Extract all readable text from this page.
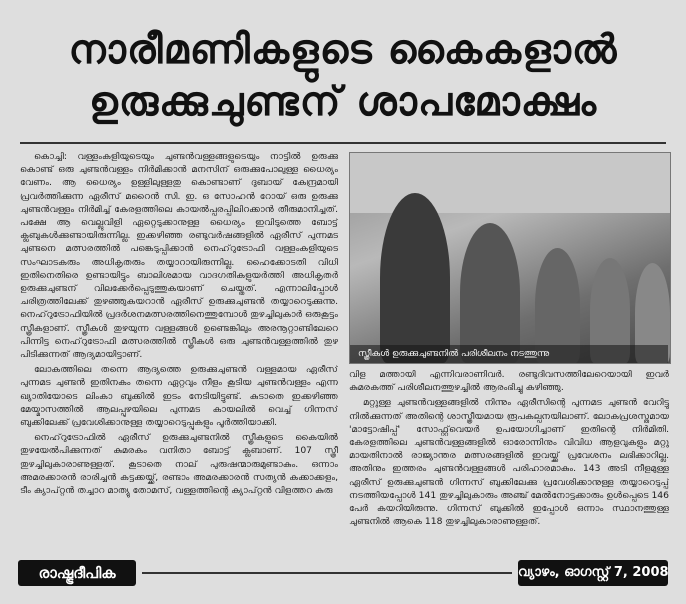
നാരീമണികളുടെ കൈകളാൽ
ഉരുക്കുചുണ്ടന് ശാപമോക്ഷം

കൊച്ചി: വള്ളംകളിയുടെയും ചുണ്ടൻവള്ളങ്ങളുടെയും നാട്ടിൽ ഉരുക്കു കൊണ്ട് ഒരു ചുണ്ടൻവള്ളം നിർമിക്കാൻ മനസിന് ഒരുക്കുപോലുള്ള ധൈര്യം വേണം. ആ ധൈര്യം ഉള്ളിലുള്ളതു കൊണ്ടാണ് ദുബായ് കേന്ദ്രമായി പ്രവർത്തിക്കുന്ന ഏരീസ് മറൈൻ സി. ഇ. ഒ സോഹൻ റോയ് ഒരു ഉരുക്കു ചുണ്ടൻവള്ളം നിർമിച്ച് കേരളത്തിലെ കായൽപ്പരപ്പിലിറക്കാൻ തീരുമാനിച്ചത്. പക്ഷേ ആ വെല്ലുവിളി ഏറ്റെടുക്കാനുള്ള ധൈര്യം ഇവിടുത്തെ ബോട്ട് ക്ലബുകൾക്കുണ്ടായിരുന്നില്ല. ഇക്കഴിഞ്ഞ രണ്ടുവർഷങ്ങളിൽ ഏരീസ് പുന്നമട ചുണ്ടനെ മത്സരത്തിൽ പങ്കെടുപ്പിക്കാൻ നെഹ്‌റുട്രോഫി വള്ളംകളിയുടെ സംഘാടകരും അധികൃതരും തയ്യാറായിരുന്നില്ല. ഹൈക്കോടതി വിധി ഇതിനെതിരെ ഉണ്ടായിട്ടും ബാലിശമായ വാദഗതികളുയർത്തി അധികൃതർ ഉരുക്കുചുണ്ടന് വിലക്കേർപ്പെടുത്തുകയാണ് ചെയ്തത്. എന്നാലിപ്പോൾ ചരിത്രത്തിലേക്ക് തുഴഞ്ഞുകയറാൻ ഏരീസ് ഉരുക്കുചുണ്ടൻ തയ്യാറെടുക്കുന്നു. നെഹ്‌റുട്രോഫിയിൽ പ്രദർശനമത്സരത്തിനെത്തുമ്പോൾ തുഴച്ചിലുകാർ ഒരുകൂട്ടം സ്ത്രീകളാണ്. സ്ത്രീകൾ തുഴയുന്ന വള്ളങ്ങൾ ഉണ്ടെങ്കിലും അരനൂറ്റാണ്ടിലേറെ പിന്നിട്ട നെഹ്‌റുട്രോഫി മത്സരത്തിൽ സ്ത്രീകൾ ഒരു ചുണ്ടൻവള്ളത്തിൽ തുഴ പിടിക്കുന്നത് ആദ്യമായിട്ടാണ്.

ലോകത്തിലെ തന്നെ ആദ്യത്തെ ഉരുക്കുചുണ്ടൻ വള്ളമായ ഏരീസ് പുന്നമട ചുണ്ടൻ ഇതിനകം തന്നെ ഏറ്റവും നീളം കൂടിയ ചുണ്ടൻവള്ളം എന്ന ഖ്യാതിയോടെ ലിംകാ ബുക്കിൽ ഇടം നേടിയിട്ടുണ്ട്. കുടാതെ ഇക്കഴിഞ്ഞ മേയ്മാസത്തിൽ ആലപ്പുഴയിലെ പുന്നമട കായലിൽ വെച്ച് ഗിന്നസ് ബുക്കിലേക്ക് പ്രവേശിക്കാനുള്ള തയ്യാറെടുപ്പുകളും പൂർത്തിയാക്കി.

നെഹ്‌റുട്രോഫിൽ ഏരീസ് ഉരുക്കുചുണ്ടനിൽ സ്ത്രീകളുടെ കൈയിൽ തുഴയേൽപിക്കുന്നത് കുമരകം വനിതാ ബോട്ട് ക്ലബാണ്. 107 സ്ത്രീ തുഴച്ചിലുകാരാണുള്ളത്. കൂടാതെ നാല് പുരുഷന്മാരുമുണ്ടാകും. ഒന്നാം അമരക്കാരൻ രാരിച്ചൻ കട്ടക്കയ്ക്ക്, രണ്ടാം അമരക്കാരൻ സത്യൻ കക്കാക്കളം, ടീം ക്യാപ്റ്റൻ തച്ചാറ മാത്യു തോമസ്, വള്ളത്തിന്റെ ക്യാപ്റ്റൻ വിളത്തറ കുരു

സ്ത്രീകൾ ഉരുക്കുചുണ്ടനിൽ പരിശീലനം നടത്തുന്നു

വിള മത്തായി എന്നിവരാണിവർ. രണ്ടുദിവസത്തിലേറെയായി ഇവർ കുമരകത്ത് പരിശീലനത്തുഴച്ചിൽ ആരംഭിച്ചു കഴിഞ്ഞു.

മറ്റുള്ള ചുണ്ടൻവള്ളങ്ങളിൽ നിന്നും ഏരീസിന്റെ പുന്നമട ചുണ്ടൻ വേറിട്ടു നിൽക്കുന്നത് അതിന്റെ ശാസ്ത്രീയമായ രൂപകല്പനയിലാണ്. ലോകപ്രശസ്തമായ 'മാട്ടോഷിപ്പ്' സോഫ്റ്റ്‌വെയർ ഉപയോഗിച്ചാണ് ഇതിന്റെ നിർമിതി. കേരളത്തിലെ ചുണ്ടൻവള്ളങ്ങളിൽ ഓരോന്നിനും വിവിധ ആളവുകളും മറ്റു മായതിനാൽ രാജ്യാന്തര മത്സരങ്ങളിൽ ഇവയ്ക്ക് പ്രവേശനം ലഭിക്കാറില്ല. അതിനും ഇത്തരം ചുണ്ടൻവള്ളങ്ങൾ പരിഹാരമാകും. 143 അടി നീളമുള്ള ഏരീസ് ഉരുക്കുചുണ്ടൻ ഗിന്നസ് ബുക്കിലേക്കു പ്രവേശിക്കാനുള്ള തയ്യാറെടുപ്പ് നടത്തിയപ്പോൾ 141 തുഴച്ചിലുകാരും അഞ്ച് മേൽനോട്ടക്കാരും ഉൾപ്പെടെ 146 പേർ കയറിയിരുന്നു. ഗിന്നസ് ബുക്കിൽ ഇപ്പോൾ ഒന്നാം സ്ഥാനത്തുള്ള ചുണ്ടനിൽ ആകെ 118 തുഴച്ചിലുകാരാണുള്ളത്.

രാഷ്ട്രദീപിക	വ്യാഴം, ഓഗസ്റ്റ് 7, 2008
